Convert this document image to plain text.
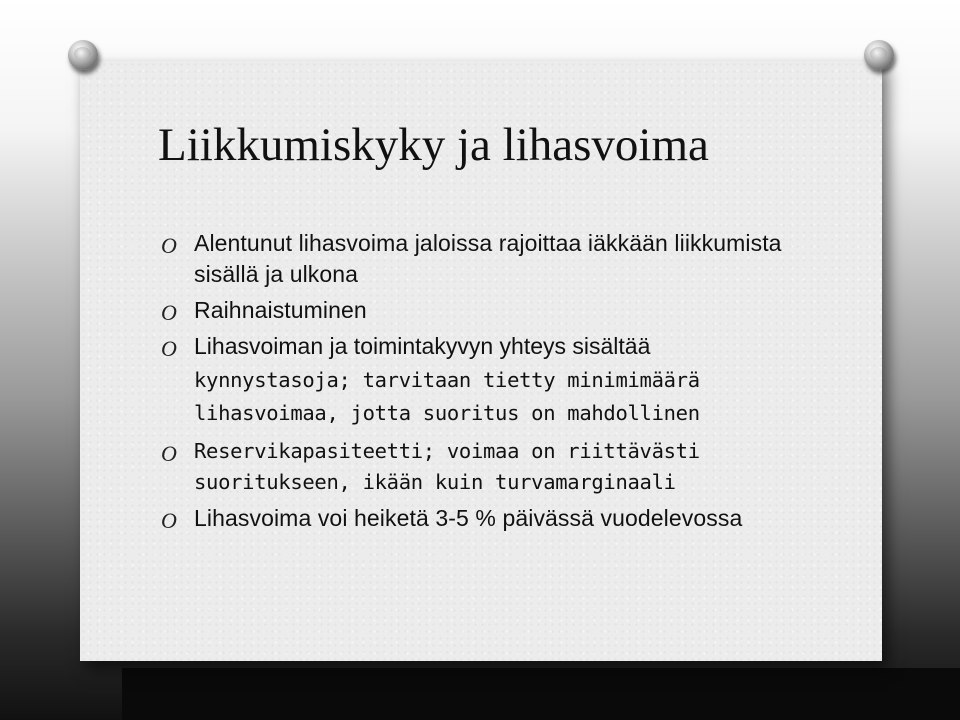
Liikkumiskyky ja lihasvoima
O Alentunut lihasvoima jaloissa rajoittaa iäkkään liikkumista sisällä ja ulkona
O Raihnaistuminen
O Lihasvoiman ja toimintakyvyn yhteys sisältää kynnystasoja; tarvitaan tietty minimimäärä lihasvoimaa, jotta suoritus on mahdollinen
O Reservikapasiteetti; voimaa on riittävästi suoritukseen, ikään kuin turvamarginaali
O Lihasvoima voi heiketä 3-5 % päivässä vuodelevossa
